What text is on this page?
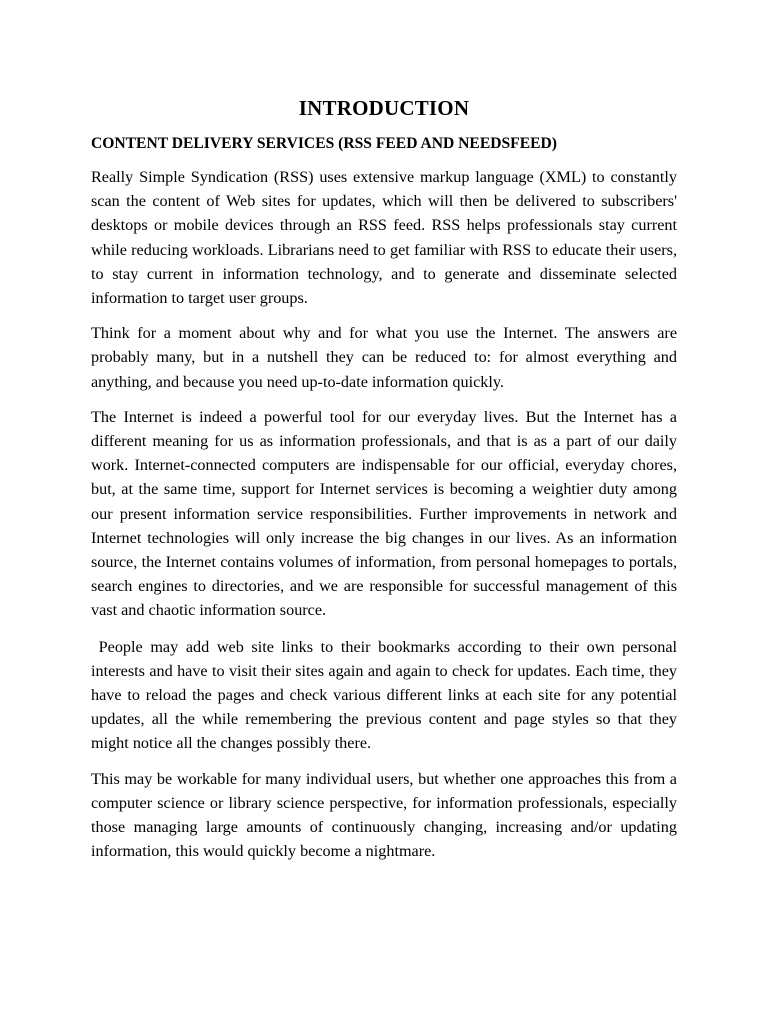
INTRODUCTION
CONTENT DELIVERY SERVICES (RSS FEED AND NEEDSFEED)

Really Simple Syndication (RSS) uses extensive markup language (XML) to constantly scan the content of Web sites for updates, which will then be delivered to subscribers' desktops or mobile devices through an RSS feed. RSS helps professionals stay current while reducing workloads. Librarians need to get familiar with RSS to educate their users, to stay current in information technology, and to generate and disseminate selected information to target user groups.

Think for a moment about why and for what you use the Internet. The answers are probably many, but in a nutshell they can be reduced to: for almost everything and anything, and because you need up-to-date information quickly.

The Internet is indeed a powerful tool for our everyday lives. But the Internet has a different meaning for us as information professionals, and that is as a part of our daily work. Internet-connected computers are indispensable for our official, everyday chores, but, at the same time, support for Internet services is becoming a weightier duty among our present information service responsibilities. Further improvements in network and Internet technologies will only increase the big changes in our lives. As an information source, the Internet contains volumes of information, from personal homepages to portals, search engines to directories, and we are responsible for successful management of this vast and chaotic information source.

People may add web site links to their bookmarks according to their own personal interests and have to visit their sites again and again to check for updates. Each time, they have to reload the pages and check various different links at each site for any potential updates, all the while remembering the previous content and page styles so that they might notice all the changes possibly there.

This may be workable for many individual users, but whether one approaches this from a computer science or library science perspective, for information professionals, especially those managing large amounts of continuously changing, increasing and/or updating information, this would quickly become a nightmare.
